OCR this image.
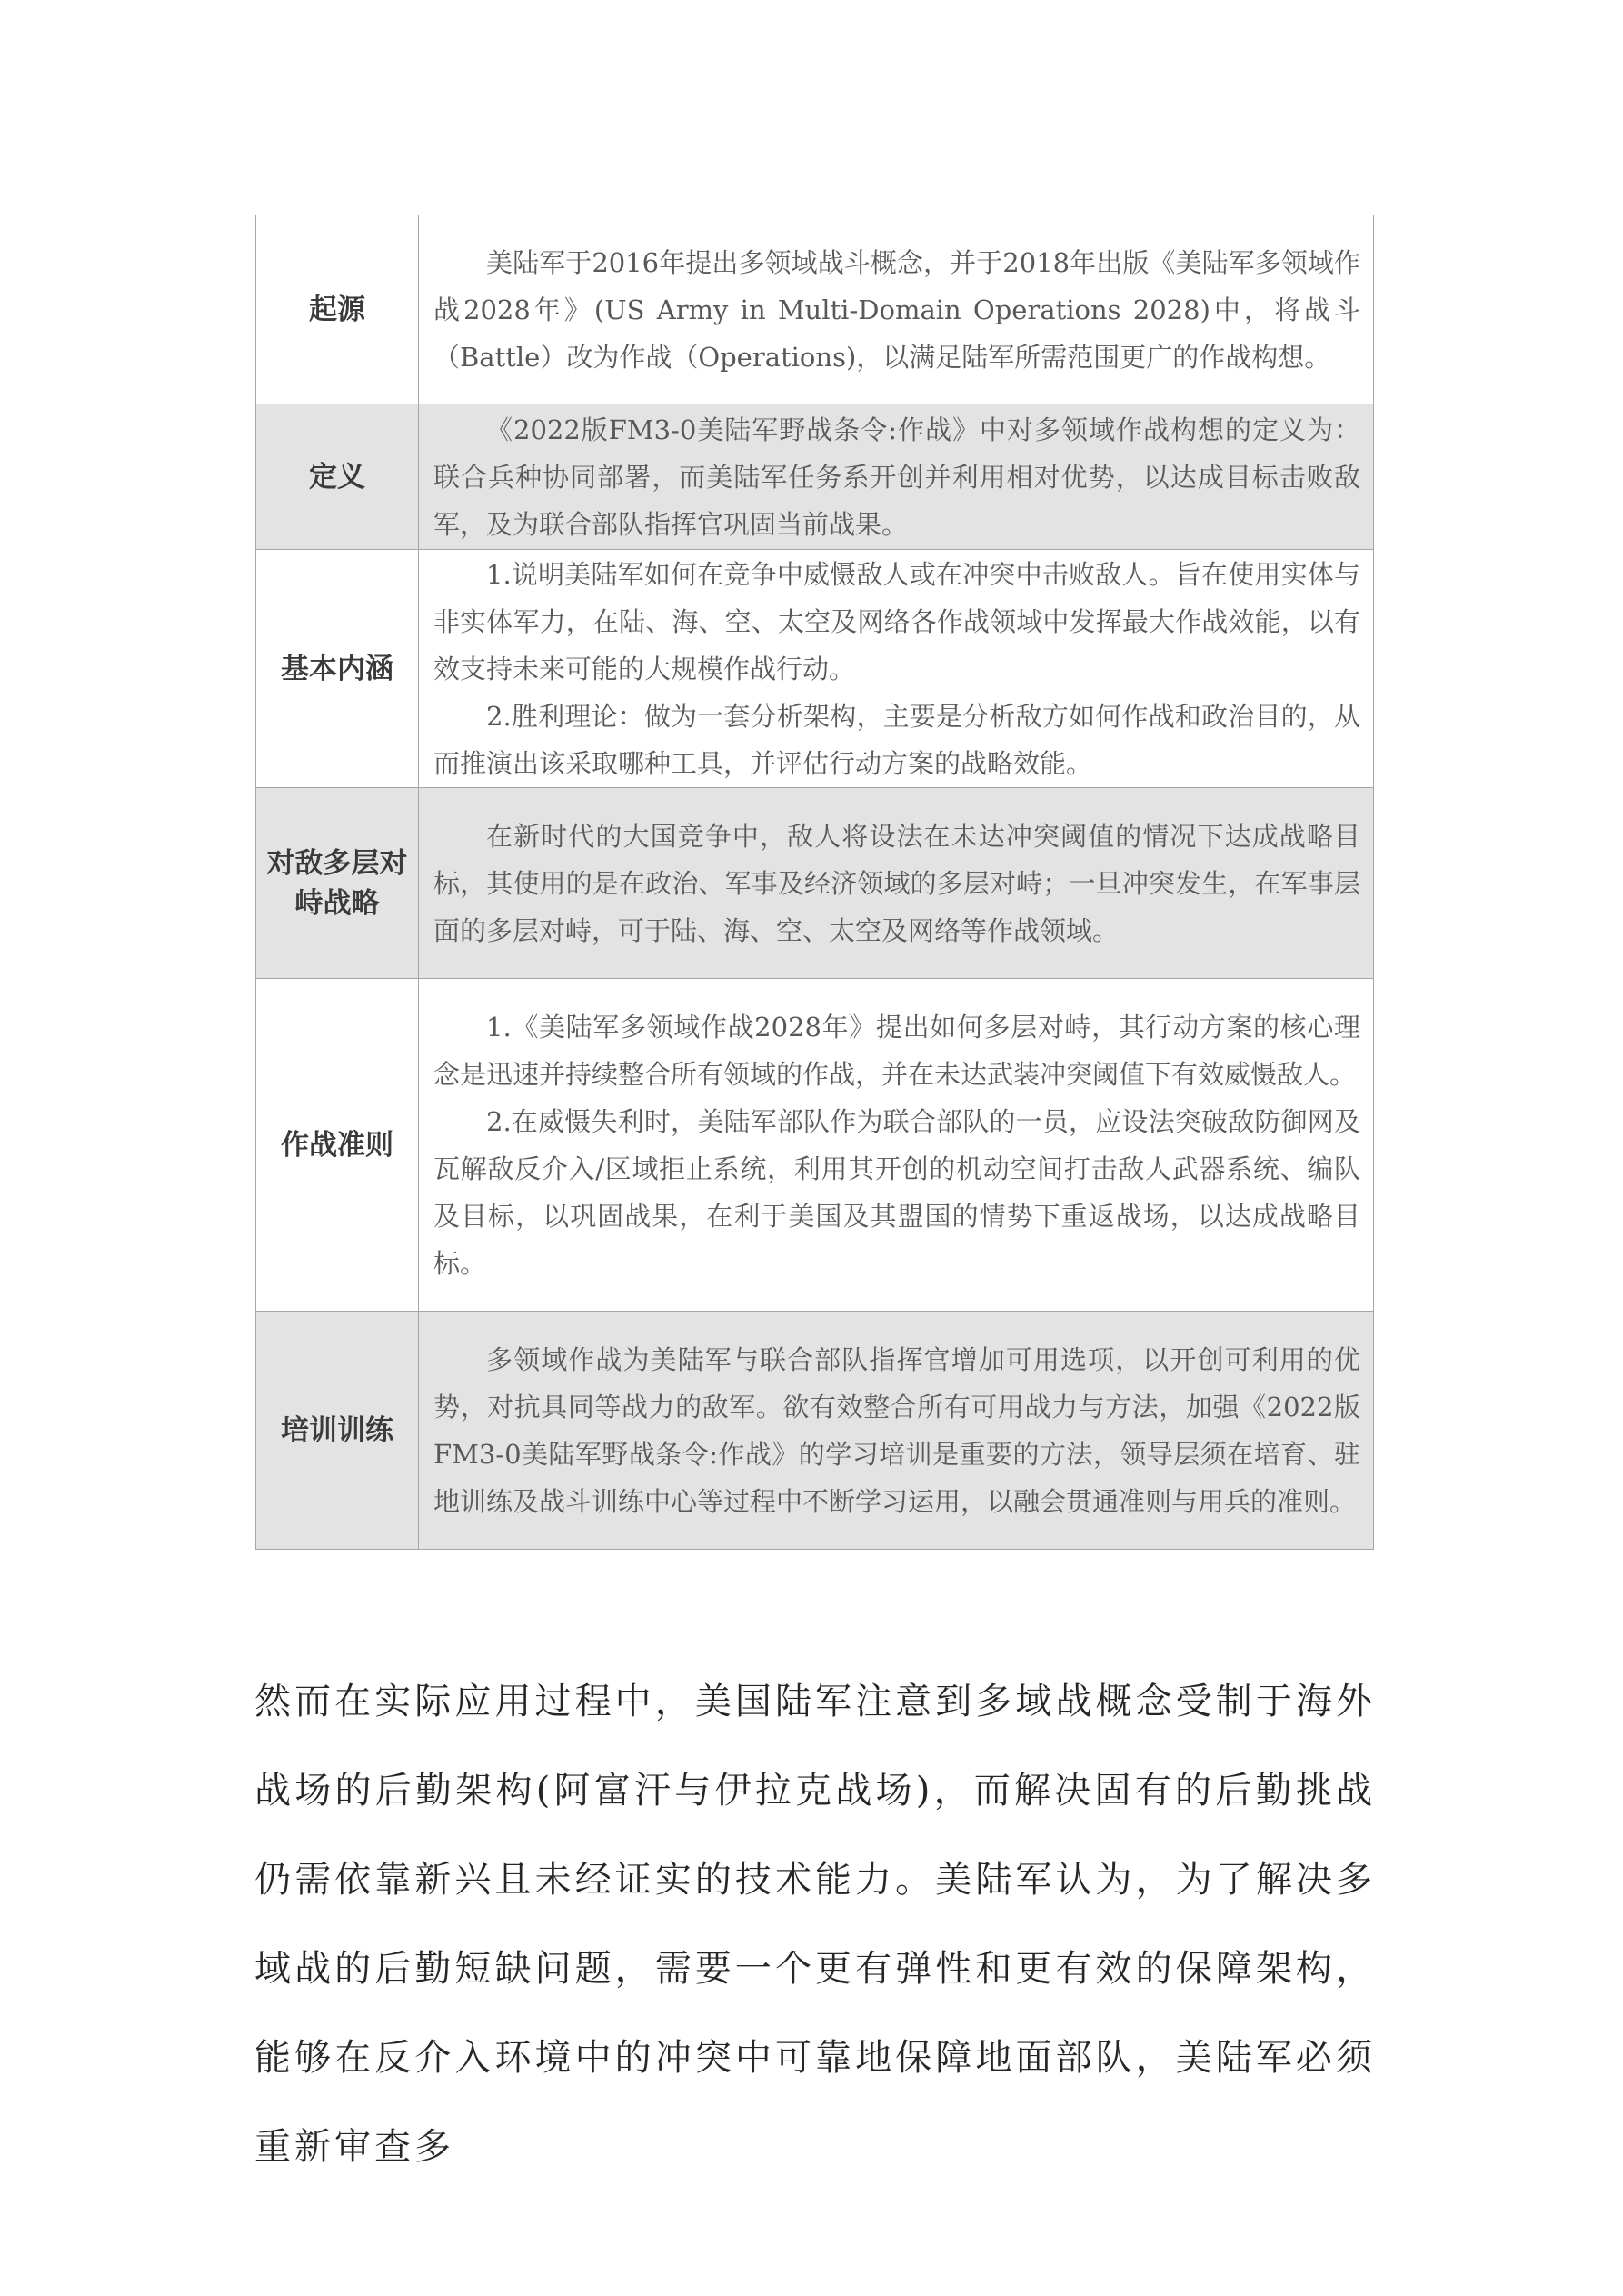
起源	美陆军于2016年提出多领域战斗概念，并于2018年出版《美陆军多领域作战2028年》(US Army in Multi-Domain Operations 2028)中，将战斗（Battle）改为作战（Operations)，以满足陆军所需范围更广的作战构想。

定义	《2022版FM3-0美陆军野战条令:作战》中对多领域作战构想的定义为：联合兵种协同部署，而美陆军任务系开创并利用相对优势，以达成目标击败敌军，及为联合部队指挥官巩固当前战果。

基本内涵	1.说明美陆军如何在竞争中威慑敌人或在冲突中击败敌人。旨在使用实体与非实体军力，在陆、海、空、太空及网络各作战领域中发挥最大作战效能，以有效支持未来可能的大规模作战行动。

2.胜利理论：做为一套分析架构，主要是分析敌方如何作战和政治目的，从而推演出该采取哪种工具，并评估行动方案的战略效能。

对敌多层对峙战略	在新时代的大国竞争中，敌人将设法在未达冲突阈值的情况下达成战略目标，其使用的是在政治、军事及经济领域的多层对峙；一旦冲突发生，在军事层面的多层对峙，可于陆、海、空、太空及网络等作战领域。

作战准则	1.《美陆军多领域作战2028年》提出如何多层对峙，其行动方案的核心理念是迅速并持续整合所有领域的作战，并在未达武装冲突阈值下有效威慑敌人。

2.在威慑失利时，美陆军部队作为联合部队的一员，应设法突破敌防御网及瓦解敌反介入/区域拒止系统，利用其开创的机动空间打击敌人武器系统、编队及目标，以巩固战果，在利于美国及其盟国的情势下重返战场，以达成战略目标。

培训训练	多领域作战为美陆军与联合部队指挥官增加可用选项，以开创可利用的优势，对抗具同等战力的敌军。欲有效整合所有可用战力与方法，加强《2022版FM3-0美陆军野战条令:作战》的学习培训是重要的方法，领导层须在培育、驻地训练及战斗训练中心等过程中不断学习运用，以融会贯通准则与用兵的准则。

然而在实际应用过程中，美国陆军注意到多域战概念受制于海外战场的后勤架构(阿富汗与伊拉克战场)，而解决固有的后勤挑战仍需依靠新兴且未经证实的技术能力。美陆军认为，为了解决多域战的后勤短缺问题，需要一个更有弹性和更有效的保障架构，能够在反介入环境中的冲突中可靠地保障地面部队，美陆军必须重新审查多
